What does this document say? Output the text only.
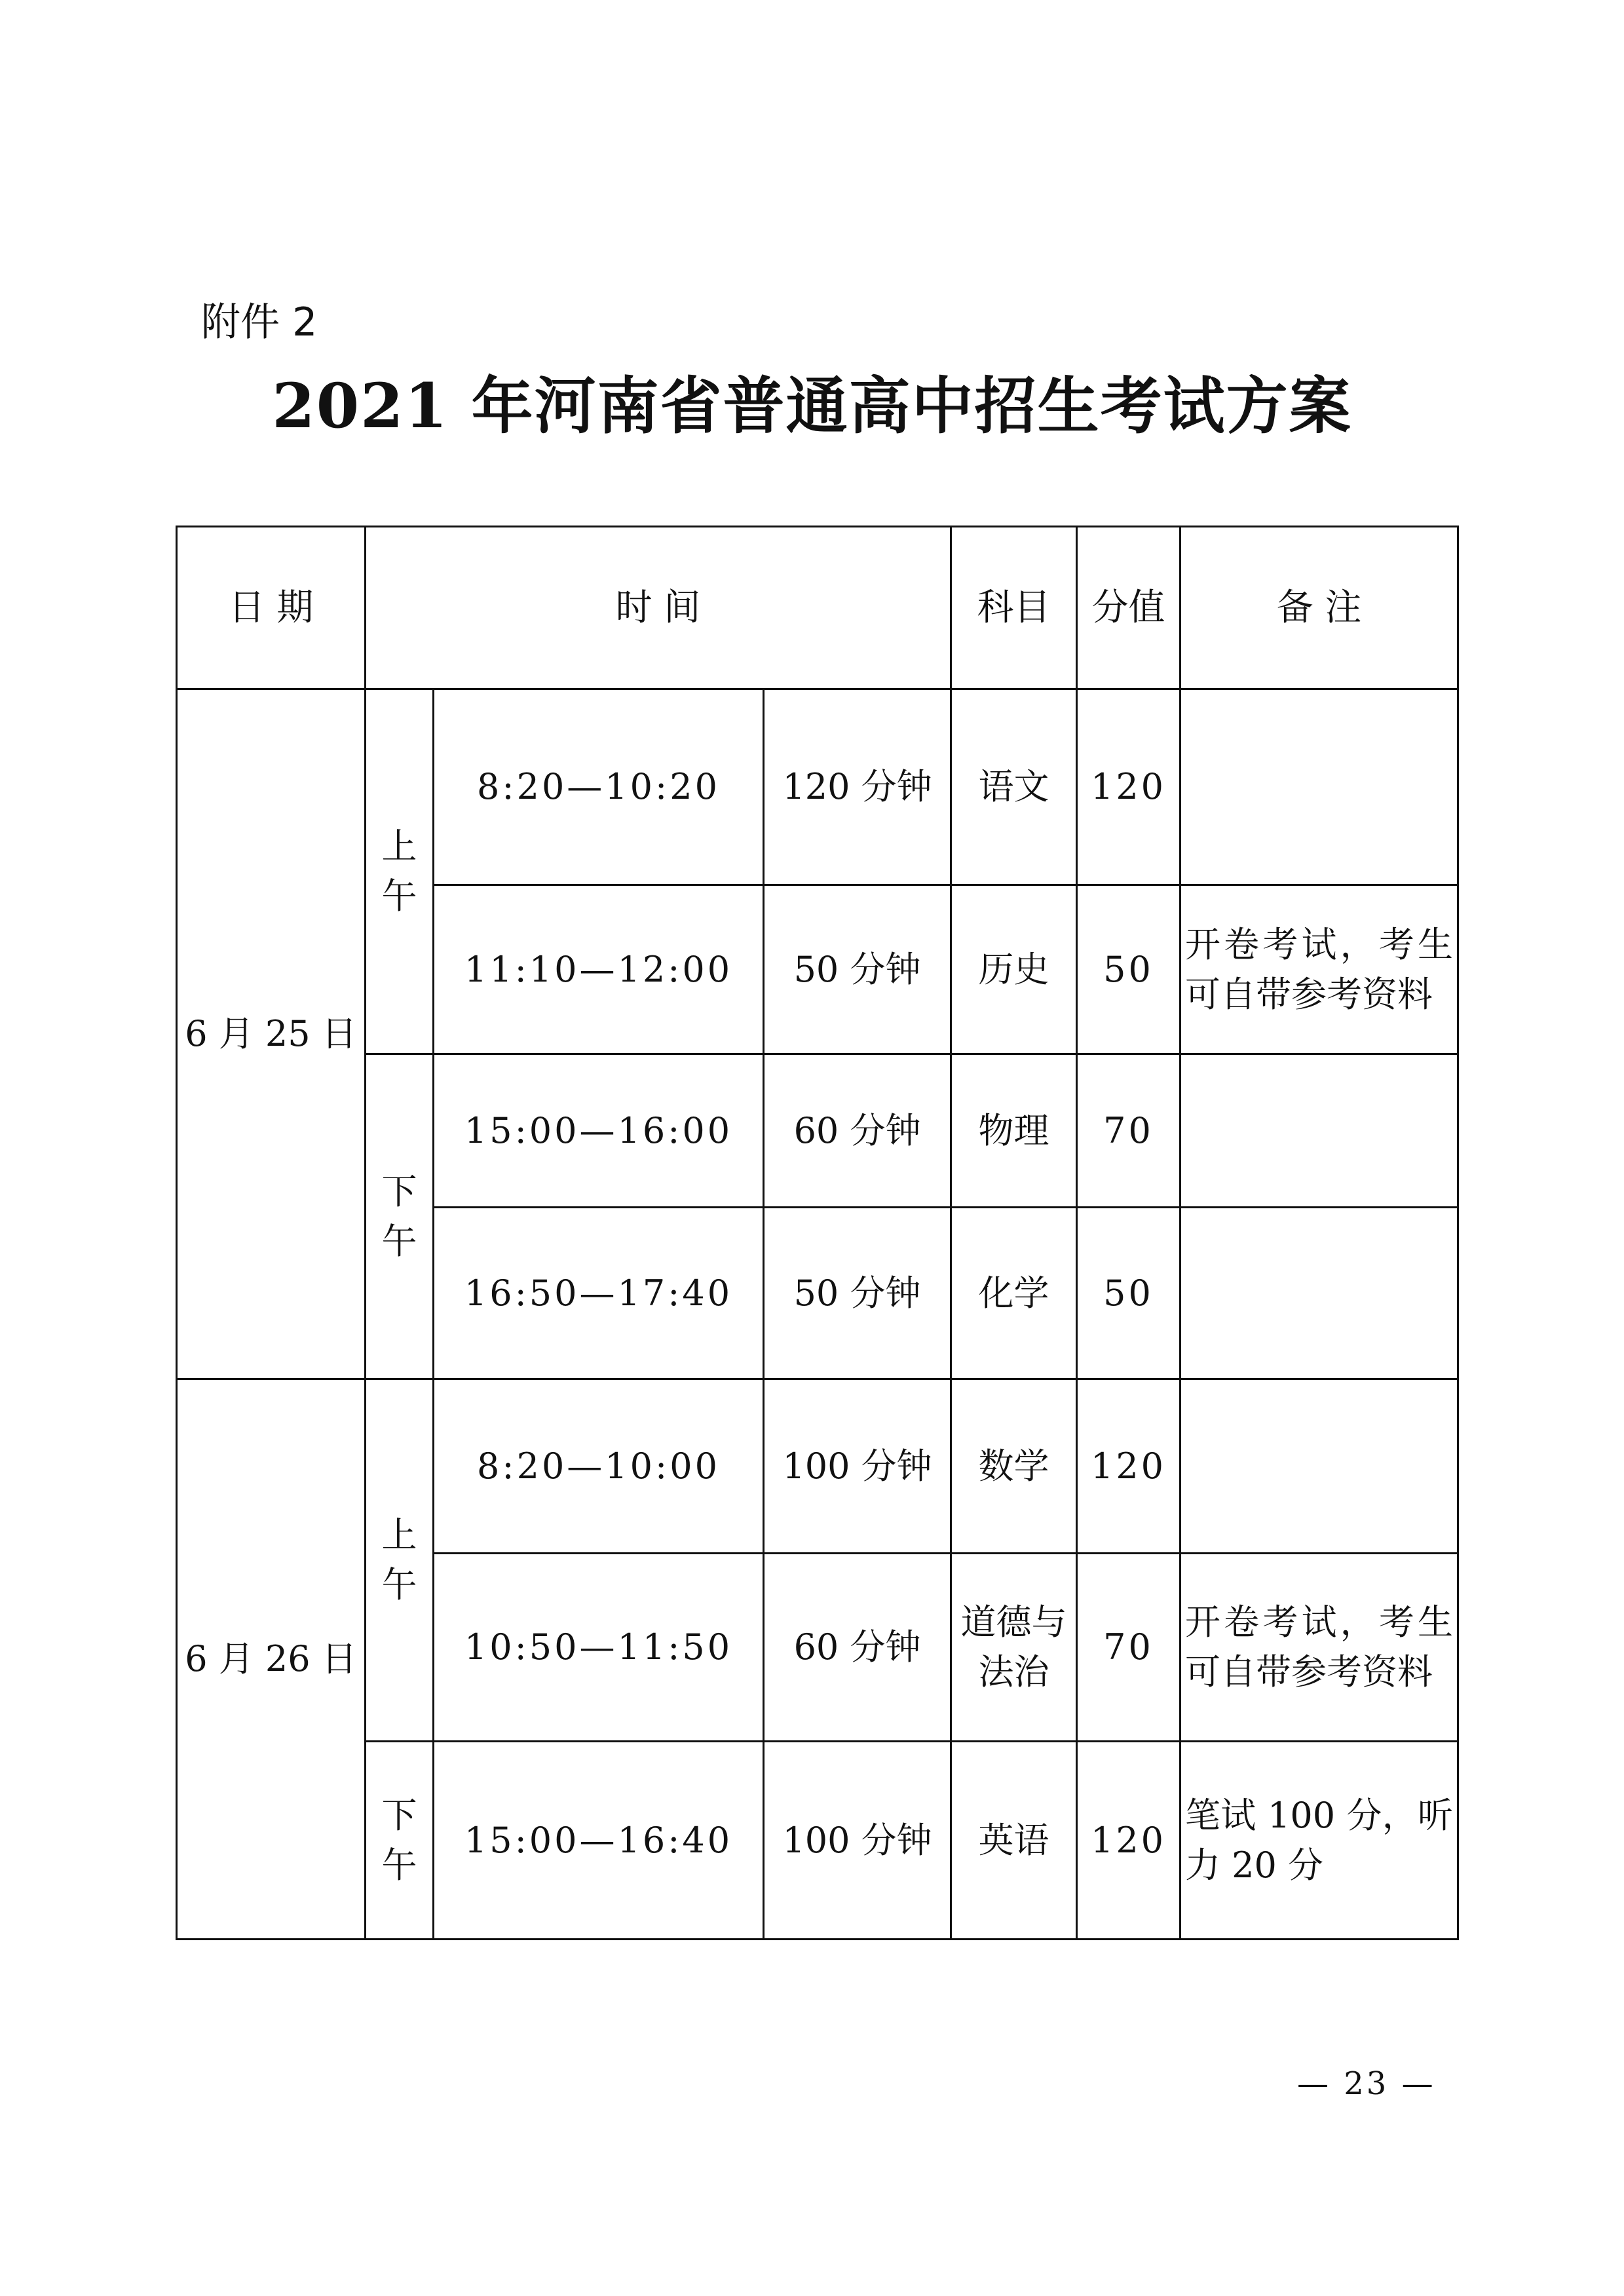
附件 2
2021 年河南省普通高中招生考试方案
日 期	时 间			科目	分值	备 注
6 月 25 日	上午	8:20—10:20	120 分钟	语文	120	

		11:10—12:00	50 分钟	历史	50	开卷考试，考生可自带参考资料

	下午	15:00—16:00	60 分钟	物理	70	

		16:50—17:40	50 分钟	化学	50	

6 月 26 日	上午	8:20—10:00	100 分钟	数学	120	

		10:50—11:50	60 分钟	道德与法治	70	开卷考试，考生可自带参考资料

	下午	15:00—16:40	100 分钟	英语	120	笔试 100 分，听力 20 分
— 23 —
